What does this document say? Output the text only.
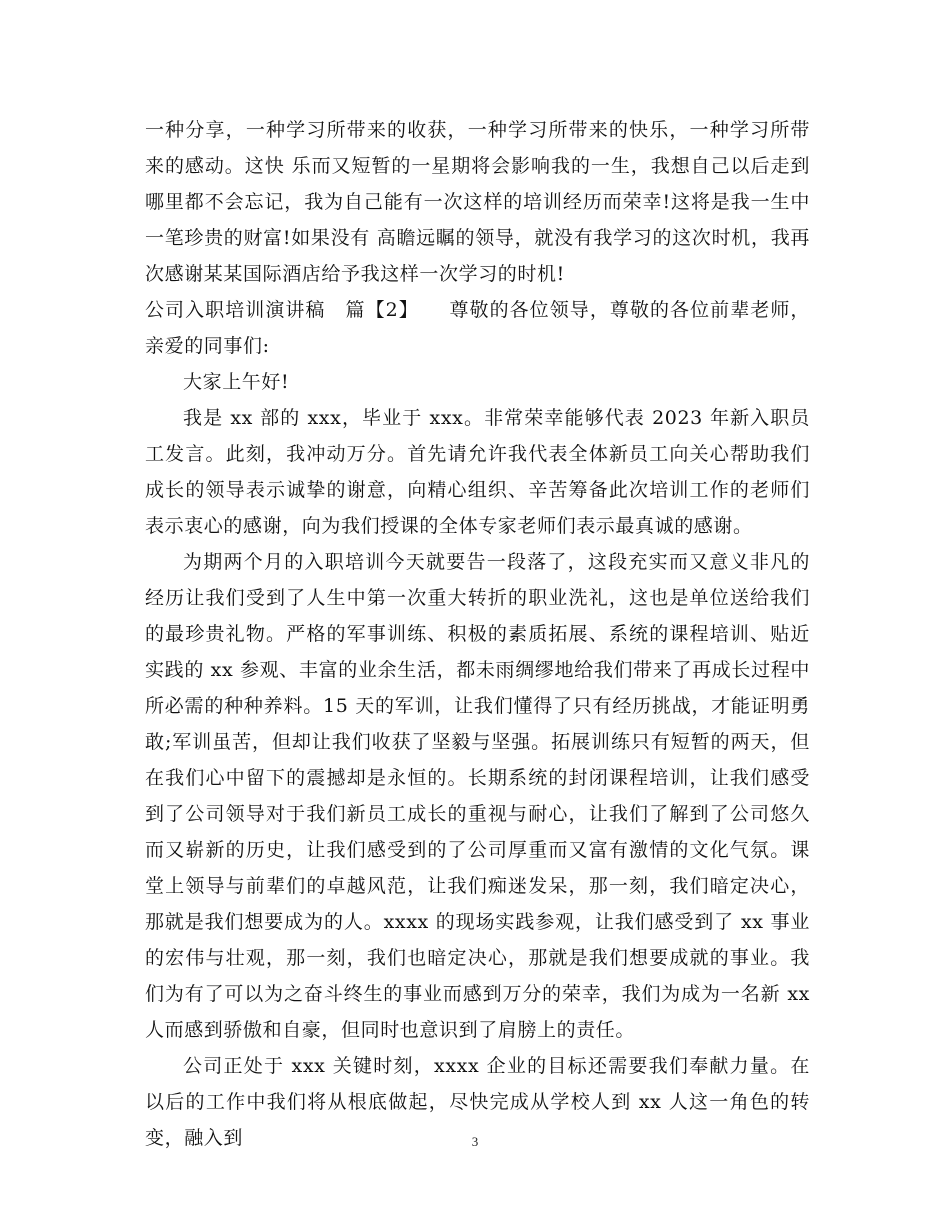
一种分享，一种学习所带来的收获，一种学习所带来的快乐，一种学习所带来的感动。这快 乐而又短暂的一星期将会影响我的一生，我想自己以后走到哪里都不会忘记，我为自己能有一次这样的培训经历而荣幸!这将是我一生中一笔珍贵的财富!如果没有 高瞻远瞩的领导，就没有我学习的这次时机，我再次感谢某某国际酒店给予我这样一次学习的时机!

公司入职培训演讲稿　篇【2】　　尊敬的各位领导，尊敬的各位前辈老师，亲爱的同事们:

大家上午好!

我是 xx 部的 xxx，毕业于 xxx。非常荣幸能够代表 2023 年新入职员工发言。此刻，我冲动万分。首先请允许我代表全体新员工向关心帮助我们成长的领导表示诚挚的谢意，向精心组织、辛苦筹备此次培训工作的老师们表示衷心的感谢，向为我们授课的全体专家老师们表示最真诚的感谢。

为期两个月的入职培训今天就要告一段落了，这段充实而又意义非凡的经历让我们受到了人生中第一次重大转折的职业洗礼，这也是单位送给我们的最珍贵礼物。严格的军事训练、积极的素质拓展、系统的课程培训、贴近实践的 xx 参观、丰富的业余生活，都未雨绸缪地给我们带来了再成长过程中所必需的种种养料。15 天的军训，让我们懂得了只有经历挑战，才能证明勇敢;军训虽苦，但却让我们收获了坚毅与坚强。拓展训练只有短暂的两天，但在我们心中留下的震撼却是永恒的。长期系统的封闭课程培训，让我们感受到了公司领导对于我们新员工成长的重视与耐心，让我们了解到了公司悠久而又崭新的历史，让我们感受到的了公司厚重而又富有激情的文化气氛。课堂上领导与前辈们的卓越风范，让我们痴迷发呆，那一刻，我们暗定决心，那就是我们想要成为的人。xxxx 的现场实践参观，让我们感受到了 xx 事业的宏伟与壮观，那一刻，我们也暗定决心，那就是我们想要成就的事业。我们为有了可以为之奋斗终生的事业而感到万分的荣幸，我们为成为一名新 xx 人而感到骄傲和自豪，但同时也意识到了肩膀上的责任。

公司正处于 xxx 关键时刻，xxxx 企业的目标还需要我们奉献力量。在以后的工作中我们将从根底做起，尽快完成从学校人到 xx 人这一角色的转变，融入到	3
